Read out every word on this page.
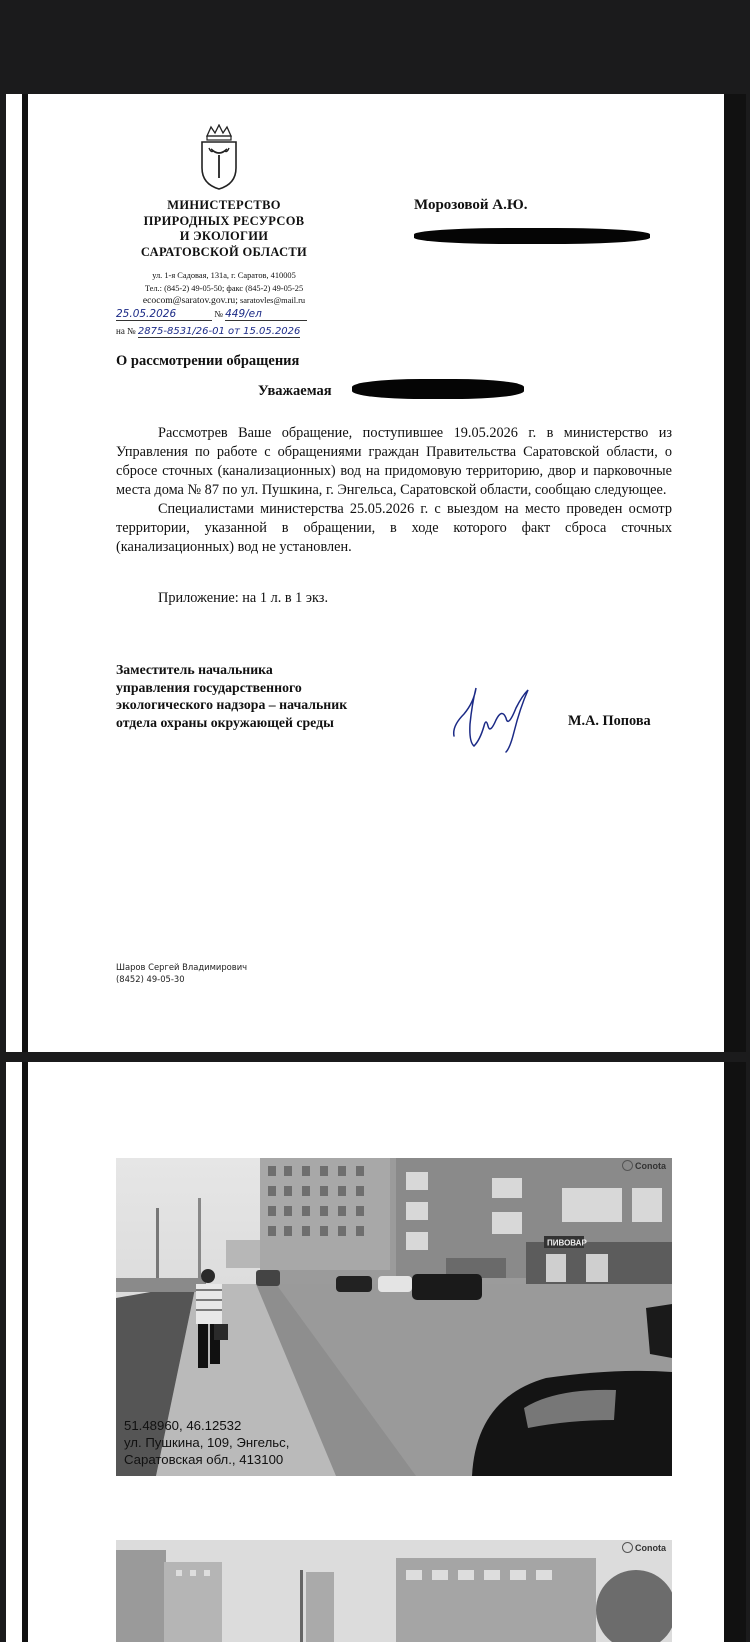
МИНИСТЕРСТВО
ПРИРОДНЫХ РЕСУРСОВ
И ЭКОЛОГИИ
САРАТОВСКОЙ ОБЛАСТИ
ул. 1-я Садовая, 131а, г. Саратов, 410005
Тел.: (845-2) 49-05-50; факс (845-2) 49-05-25
ecocom@saratov.gov.ru; saratovles@mail.ru
25.05.2026	№ 449/ел
на № 2875-8531/26-01 от 15.05.2026
Морозовой А.Ю.
О рассмотрении обращения
Уважаемая

Рассмотрев Ваше обращение, поступившее 19.05.2026 г. в министерство из Управления по работе с обращениями граждан Правительства Саратовской области, о сбросе сточных (канализационных) вод на придомовую территорию, двор и парковочные места дома № 87 по ул. Пушкина, г. Энгельса, Саратовской области, сообщаю следующее.

Специалистами министерства 25.05.2026 г. с выездом на место проведен осмотр территории, указанной в обращении, в ходе которого факт сброса сточных (канализационных) вод не установлен.

Приложение: на 1 л. в 1 экз.
Заместитель начальника
управления государственного
экологического надзора – начальник
отдела охраны окружающей среды	М.А. Попова
Шаров Сергей Владимирович
(8452) 49-05-30
ПИВОВАР
Conota
51.48960, 46.12532
ул. Пушкина, 109, Энгельс,
Саратовская обл., 413100
Conota
